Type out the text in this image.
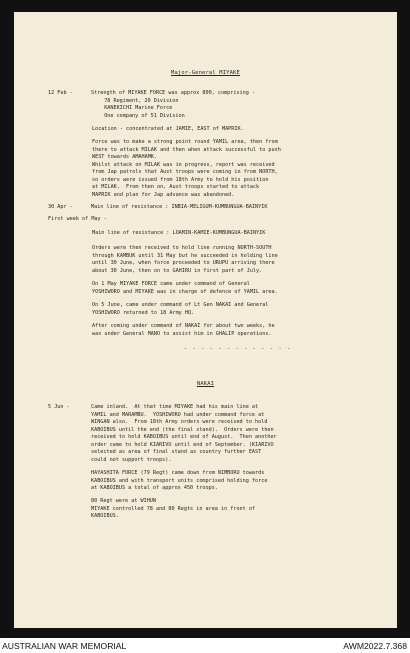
Major-General MIYAKE
12 Feb -	Strength of MIYAKE FORCE was approx 800, comprising -
78 Regiment, 20 Division
KANEKICHI Marine Force
One company of 51 Division
Location - concentrated at JAMIE, EAST of MAPRIK.
Force was to make a strong point round YAMIL area, then from
there to attack MILAK and then when attack successful to push
WEST towards AMAHAMK.
Whilst attack on MILAK was in progress, report was received
from Jap patrols that Aust troops were coming in from NORTH,
so orders were issued from 18th Army to hold his position
at MILAK.  From then on, Aust troops started to attack
MAPRIK and plan for Jap advance was abandoned.
30 Apr -	Main line of resistance : INBIA-MELIGUM-KUMBUNGUA-BAINYIK
First week of May -
Main line of resistance : LOAMIN-KAMIE-KUMBUNGUA-BAINYIK
Orders were then received to hold line running NORTH-SOUTH
through KAMBUK until 31 May but he succeeded in holding line
until 30 June, when force proceeded to URUPU arriving there
about 30 June, then on to GAHIRU in first part of July.
On 1 May MIYAKE FORCE came under command of General
YOSHIWORO and MIYAKE was in charge of defence of YAMIL area.
On 5 June, came under command of Lt Gen NAKAI and General
YOSHIWORO returned to 18 Army HQ.
After coming under command of NAKAI for about two weeks, he
was under General MANO to assist him in GHALIP operations.
- - - - - - - - - - - - -
NAKAI
5 Jun -	Came inland.  At that time MIYAKE had his main line at
YAMIL and MARAMBU.  YOSHIWORO had under command force at
WINGAN also.  From 18th Army orders were received to hold
KABOIBUS until the end (the final stand).  Orders were then
received to hold KABOIBUS until end of August.  Then another
order came to hold KIARIVU until end of September. (KIARIVU
selected as area of final stand as country further EAST
could not support troops).
HAYASHITA FORCE (79 Regt) came down from NIMBORU towards
KABOIBUS and with transport units comprised holding force
at KABOIBUS a total of approx 450 troops.
80 Regt were at WIHUN
MIYAKE controlled 78 and 80 Regts in area in front of
KABOIBUS.
AUSTRALIAN WAR MEMORIAL	AWM2022.7.368
